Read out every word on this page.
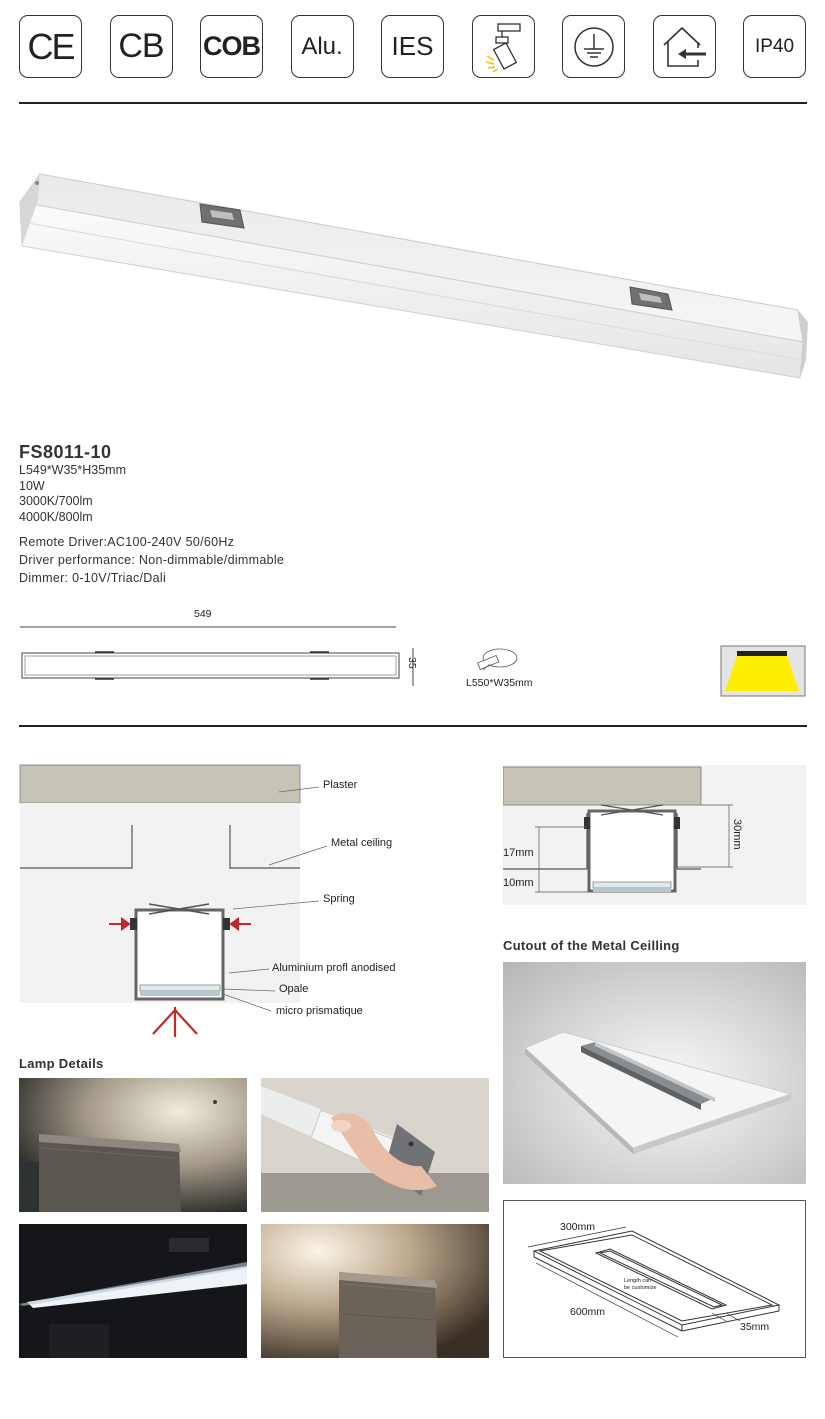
CE CB COB Alu. IES	IP40
FS8011-10
L549*W35*H35mm
10W
3000K/700lm
4000K/800lm
Remote Driver:AC100-240V 50/60Hz
Driver performance: Non-dimmable/dimmable
Dimmer: 0-10V/Triac/Dali
549
35
L550*W35mm
Plaster
Metal ceiling
Spring
Aluminium profl anodised
Opale
micro prismatique
30mm
17mm
10mm
Cutout of the Metal Ceilling
Lamp Details
300mm
600mm
35mm
Length can
be customize
